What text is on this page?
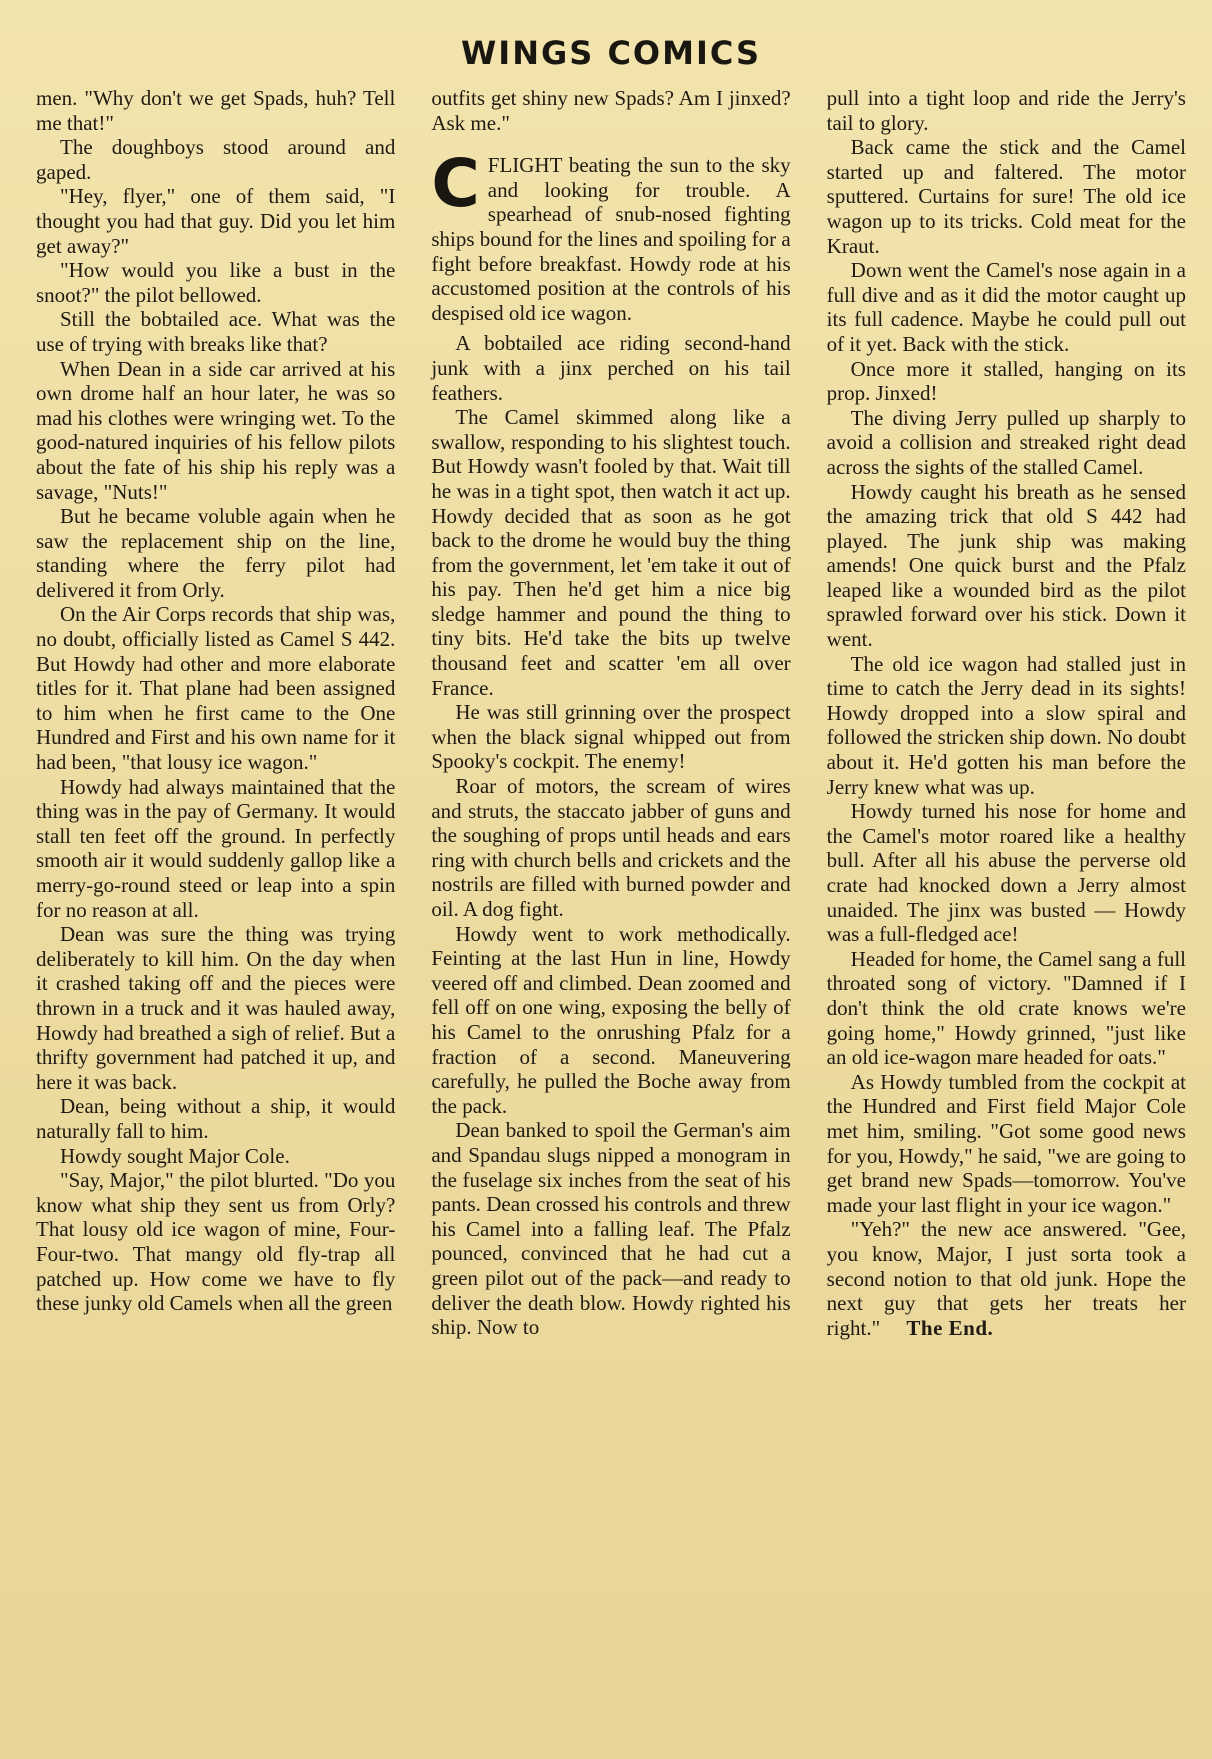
WINGS COMICS

men. "Why don't we get Spads, huh? Tell me that!"

The doughboys stood around and gaped.

"Hey, flyer," one of them said, "I thought you had that guy. Did you let him get away?"

"How would you like a bust in the snoot?" the pilot bellowed.

Still the bobtailed ace. What was the use of trying with breaks like that?

When Dean in a side car arrived at his own drome half an hour later, he was so mad his clothes were wringing wet. To the good-natured inquiries of his fellow pilots about the fate of his ship his reply was a savage, "Nuts!"

But he became voluble again when he saw the replacement ship on the line, standing where the ferry pilot had delivered it from Orly.

On the Air Corps records that ship was, no doubt, officially listed as Camel S 442. But Howdy had other and more elaborate titles for it. That plane had been assigned to him when he first came to the One Hundred and First and his own name for it had been, "that lousy ice wagon."

Howdy had always maintained that the thing was in the pay of Germany. It would stall ten feet off the ground. In perfectly smooth air it would suddenly gallop like a merry-go-round steed or leap into a spin for no reason at all.

Dean was sure the thing was trying deliberately to kill him. On the day when it crashed taking off and the pieces were thrown in a truck and it was hauled away, Howdy had breathed a sigh of relief. But a thrifty government had patched it up, and here it was back.

Dean, being without a ship, it would naturally fall to him.

Howdy sought Major Cole.

"Say, Major," the pilot blurted. "Do you know what ship they sent us from Orly? That lousy old ice wagon of mine, Four-Four-two. That mangy old fly-trap all patched up. How come we have to fly these junky old Camels when all the green

outfits get shiny new Spads? Am I jinxed? Ask me."

CFLIGHT beating the sun to the sky and looking for trouble. A spearhead of snub-nosed fighting ships bound for the lines and spoiling for a fight before breakfast. Howdy rode at his accustomed position at the controls of his despised old ice wagon.

A bobtailed ace riding second-hand junk with a jinx perched on his tail feathers.

The Camel skimmed along like a swallow, responding to his slightest touch. But Howdy wasn't fooled by that. Wait till he was in a tight spot, then watch it act up. Howdy decided that as soon as he got back to the drome he would buy the thing from the government, let 'em take it out of his pay. Then he'd get him a nice big sledge hammer and pound the thing to tiny bits. He'd take the bits up twelve thousand feet and scatter 'em all over France.

He was still grinning over the prospect when the black signal whipped out from Spooky's cockpit. The enemy!

Roar of motors, the scream of wires and struts, the staccato jabber of guns and the soughing of props until heads and ears ring with church bells and crickets and the nostrils are filled with burned powder and oil. A dog fight.

Howdy went to work methodically. Feinting at the last Hun in line, Howdy veered off and climbed. Dean zoomed and fell off on one wing, exposing the belly of his Camel to the onrushing Pfalz for a fraction of a second. Maneuvering carefully, he pulled the Boche away from the pack.

Dean banked to spoil the German's aim and Spandau slugs nipped a monogram in the fuselage six inches from the seat of his pants. Dean crossed his controls and threw his Camel into a falling leaf. The Pfalz pounced, convinced that he had cut a green pilot out of the pack—and ready to deliver the death blow. Howdy righted his ship. Now to

pull into a tight loop and ride the Jerry's tail to glory.

Back came the stick and the Camel started up and faltered. The motor sputtered. Curtains for sure! The old ice wagon up to its tricks. Cold meat for the Kraut.

Down went the Camel's nose again in a full dive and as it did the motor caught up its full cadence. Maybe he could pull out of it yet. Back with the stick.

Once more it stalled, hanging on its prop. Jinxed!

The diving Jerry pulled up sharply to avoid a collision and streaked right dead across the sights of the stalled Camel.

Howdy caught his breath as he sensed the amazing trick that old S 442 had played. The junk ship was making amends! One quick burst and the Pfalz leaped like a wounded bird as the pilot sprawled forward over his stick. Down it went.

The old ice wagon had stalled just in time to catch the Jerry dead in its sights! Howdy dropped into a slow spiral and followed the stricken ship down. No doubt about it. He'd gotten his man before the Jerry knew what was up.

Howdy turned his nose for home and the Camel's motor roared like a healthy bull. After all his abuse the perverse old crate had knocked down a Jerry almost unaided. The jinx was busted — Howdy was a full-fledged ace!

Headed for home, the Camel sang a full throated song of victory. "Damned if I don't think the old crate knows we're going home," Howdy grinned, "just like an old ice-wagon mare headed for oats."

As Howdy tumbled from the cockpit at the Hundred and First field Major Cole met him, smiling. "Got some good news for you, Howdy," he said, "we are going to get brand new Spads—tomorrow. You've made your last flight in your ice wagon."

"Yeh?" the new ace answered. "Gee, you know, Major, I just sorta took a second notion to that old junk. Hope the next guy that gets her treats her right." The End.
